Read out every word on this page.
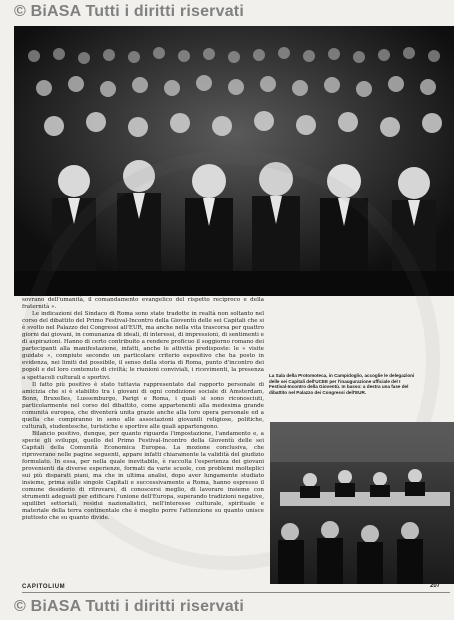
© BiASA Tutti i diritti riservati

sovrano dell'umanità, il comandamento evangelico del rispetto reciproco e della fraternità ».

Le indicazioni del Sindaco di Roma sono state tradotte in realtà non soltanto nel corso del dibattito del Primo Festival-Incontro della Gioventù delle sei Capitali che si è svolto nel Palazzo dei Congressi all'EUR, ma anche nella vita trascorsa per quattro giorni dai giovani, in comunanza di ideali, di interessi, di impressioni, di sentimenti e di aspirazioni. Hanno di certo contribuito a rendere proficuo il soggiorno romano dei partecipanti alla manifestazione, infatti, anche le attività predisposte: le « visite guidate », compiute secondo un particolare criterio espositivo che ha posto in evidenza, nei limiti del possibile, il senso della storia di Roma, punto d'incontro dei popoli e del loro contenuto di civiltà; le riunioni conviviali, i ricevimenti, la presenza a spettacoli culturali e sportivi.

Il fatto più positivo è stato tuttavia rappresentato dal rapporto personale di amicizia che si è stabilito tra i giovani di ogni condizione sociale di Amsterdam, Bonn, Bruxelles, Lussemburgo, Parigi e Roma, i quali si sono riconosciuti, particolarmente nel corso del dibattito, come appartenenti alla medesima grande comunità europea, che diventerà unita grazie anche alla loro opera personale ed a quella che compiranno in seno alle associazioni giovanili religiose, politiche, culturali, studentesche, turistiche e sportive alle quali appartengono.

Bilancio positivo, dunque, per quanto riguarda l'impostazione, l'andamento e, a specie gli sviluppi, quello del Primo Festival-Incontro della Gioventù delle sei Capitali della Comunità Economica Europea. La mozione conclusiva, che riproverano nelle pagine seguenti, appare infatti chiaramente la validità del giudizio formulato. In essa, per nella quale inevitabile, è raccolta l'esperienza dei giovani provenienti da diverse esperienze, formati da varie scuole, con problemi molteplici sui più disparati piani, ma che in ultima analisi, dopo aver lungamente studiato insieme, prima sulle singole Capitali e successivamente a Roma, hanno espresso il comune desiderio di ritrovarsi, di conoscersi meglio, di lavorare insieme con strumenti adeguati per edificare l'unione dell'Europa, superando tradizioni negative, squilibri settoriali, residui nazionalistici, nell'interesse culturale, spirituale e materiale della terra continentale che è meglio porre l'attenzione su quanto unisce piuttosto che su quanto divide.

La Sala della Protomoteca, in Campidoglio, accoglie le delegazioni delle sei Capitali dell'UCEE per l'inaugurazione ufficiale del I Festival-Incontro della Gioventù. In basso: a destra una fase del dibattito nel Palazzo dei Congressi dell'EUR.
CAPITOLIUM	207
© BiASA Tutti i diritti riservati
